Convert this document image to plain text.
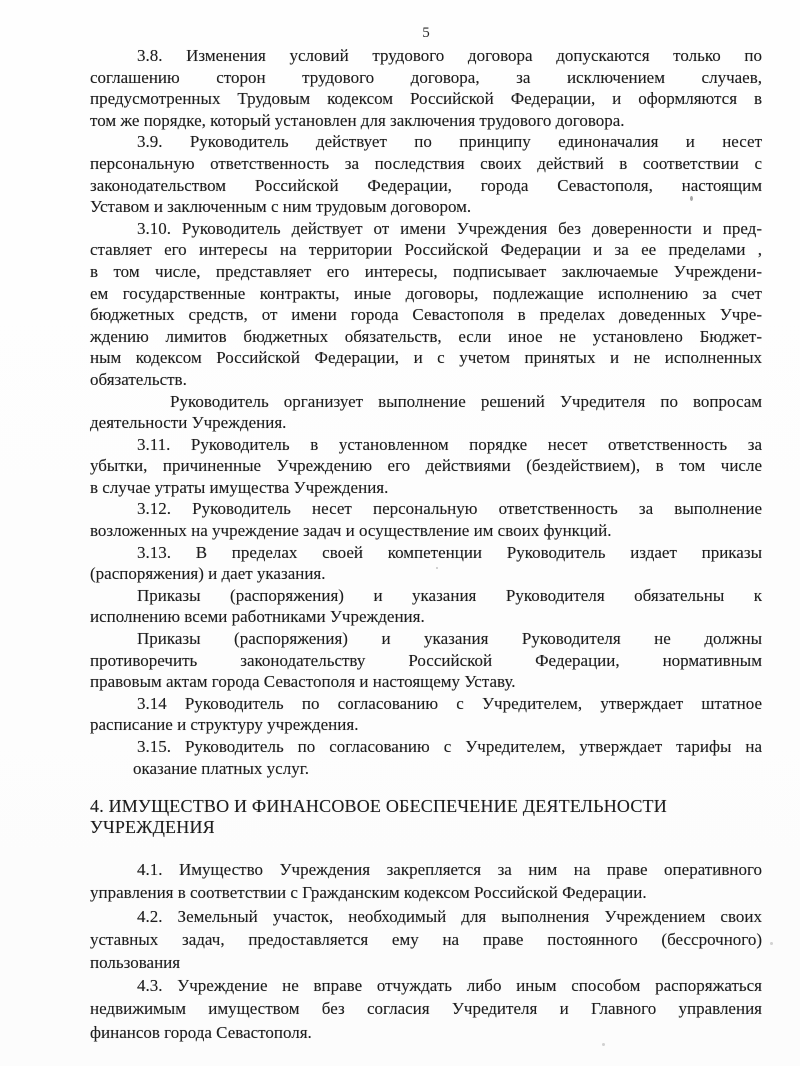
5
3.8. Изменения условий трудового договора допускаются только по
соглашению сторон трудового договора, за исключением случаев,
предусмотренных Трудовым кодексом Российской Федерации, и оформляются в
том же порядке, который установлен для заключения трудового договора.
3.9. Руководитель действует по принципу единоначалия и несет
персональную ответственность за последствия своих действий в соответствии с
законодательством Российской Федерации, города Севастополя, настоящим
Уставом и заключенным с ним трудовым договором.
3.10. Руководитель действует от имени Учреждения без доверенности и пред-
ставляет его интересы на территории Российской Федерации и за ее пределами ,
в том числе, представляет его интересы, подписывает заключаемые Учреждени-
ем государственные контракты, иные договоры, подлежащие исполнению за счет
бюджетных средств, от имени города Севастополя в пределах доведенных Учре-
ждению лимитов бюджетных обязательств, если иное не установлено Бюджет-
ным кодексом Российской Федерации, и с учетом принятых и не исполненных
обязательств.
Руководитель организует выполнение решений Учредителя по вопросам
деятельности Учреждения.
3.11. Руководитель в установленном порядке несет ответственность за
убытки, причиненные Учреждению его действиями (бездействием), в том числе
в случае утраты имущества Учреждения.
3.12. Руководитель несет персональную ответственность за выполнение
возложенных на учреждение задач и осуществление им своих функций.
3.13. В пределах своей компетенции Руководитель издает приказы
(распоряжения) и дает указания.
Приказы (распоряжения) и указания Руководителя обязательны к
исполнению всеми работниками Учреждения.
Приказы (распоряжения) и указания Руководителя не должны
противоречить законодательству Российской Федерации, нормативным
правовым актам города Севастополя и настоящему Уставу.
3.14 Руководитель по согласованию с Учредителем, утверждает штатное
расписание и структуру учреждения.
3.15. Руководитель по согласованию с Учредителем, утверждает тарифы на
оказание платных услуг.
4. ИМУЩЕСТВО И ФИНАНСОВОЕ ОБЕСПЕЧЕНИЕ ДЕЯТЕЛЬНОСТИ
УЧРЕЖДЕНИЯ
4.1. Имущество Учреждения закрепляется за ним на праве оперативного
управления в соответствии с Гражданским кодексом Российской Федерации.
4.2. Земельный участок, необходимый для выполнения Учреждением своих
уставных задач, предоставляется ему на праве постоянного (бессрочного)
пользования
4.3. Учреждение не вправе отчуждать либо иным способом распоряжаться
недвижимым имуществом без согласия Учредителя и Главного управления
финансов города Севастополя.
